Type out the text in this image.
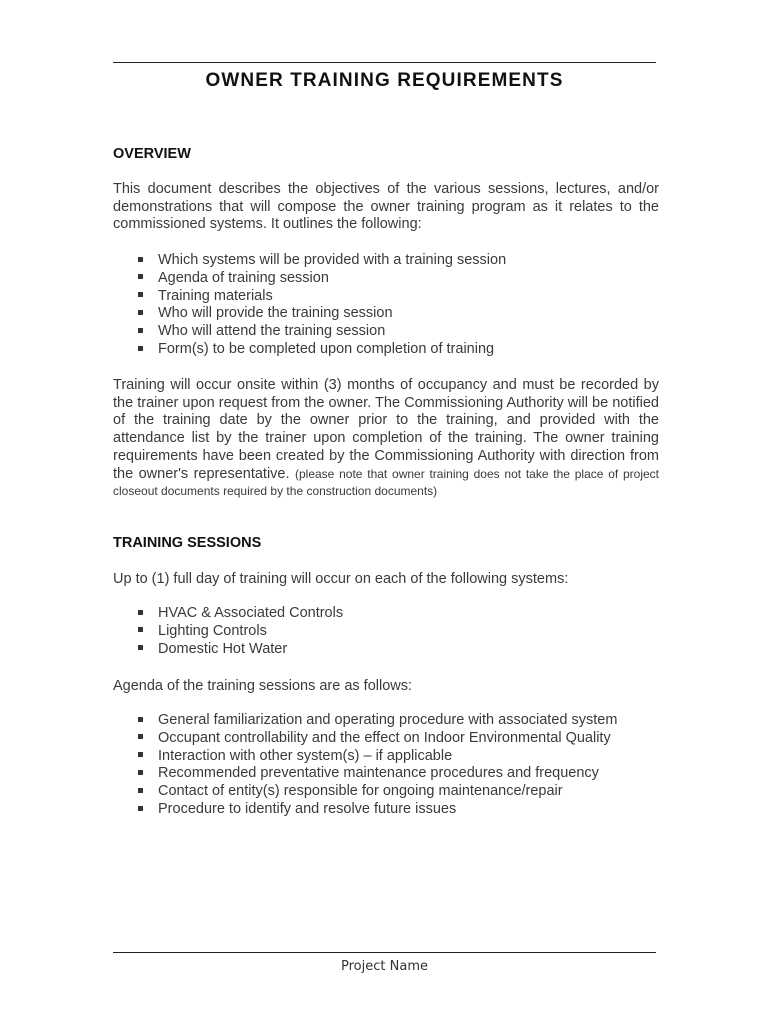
OWNER TRAINING REQUIREMENTS
OVERVIEW

This document describes the objectives of the various sessions, lectures, and/or demonstrations that will compose the owner training program as it relates to the commissioned systems. It outlines the following:

Which systems will be provided with a training session
Agenda of training session
Training materials
Who will provide the training session
Who will attend the training session
Form(s) to be completed upon completion of training

Training will occur onsite within (3) months of occupancy and must be recorded by the trainer upon request from the owner. The Commissioning Authority will be notified of the training date by the owner prior to the training, and provided with the attendance list by the trainer upon completion of the training. The owner training requirements have been created by the Commissioning Authority with direction from the owner's representative. (please note that owner training does not take the place of project closeout documents required by the construction documents)

TRAINING SESSIONS

Up to (1) full day of training will occur on each of the following systems:

HVAC & Associated Controls
Lighting Controls
Domestic Hot Water

Agenda of the training sessions are as follows:

General familiarization and operating procedure with associated system
Occupant controllability and the effect on Indoor Environmental Quality
Interaction with other system(s) – if applicable
Recommended preventative maintenance procedures and frequency
Contact of entity(s) responsible for ongoing maintenance/repair
Procedure to identify and resolve future issues
Project Name
